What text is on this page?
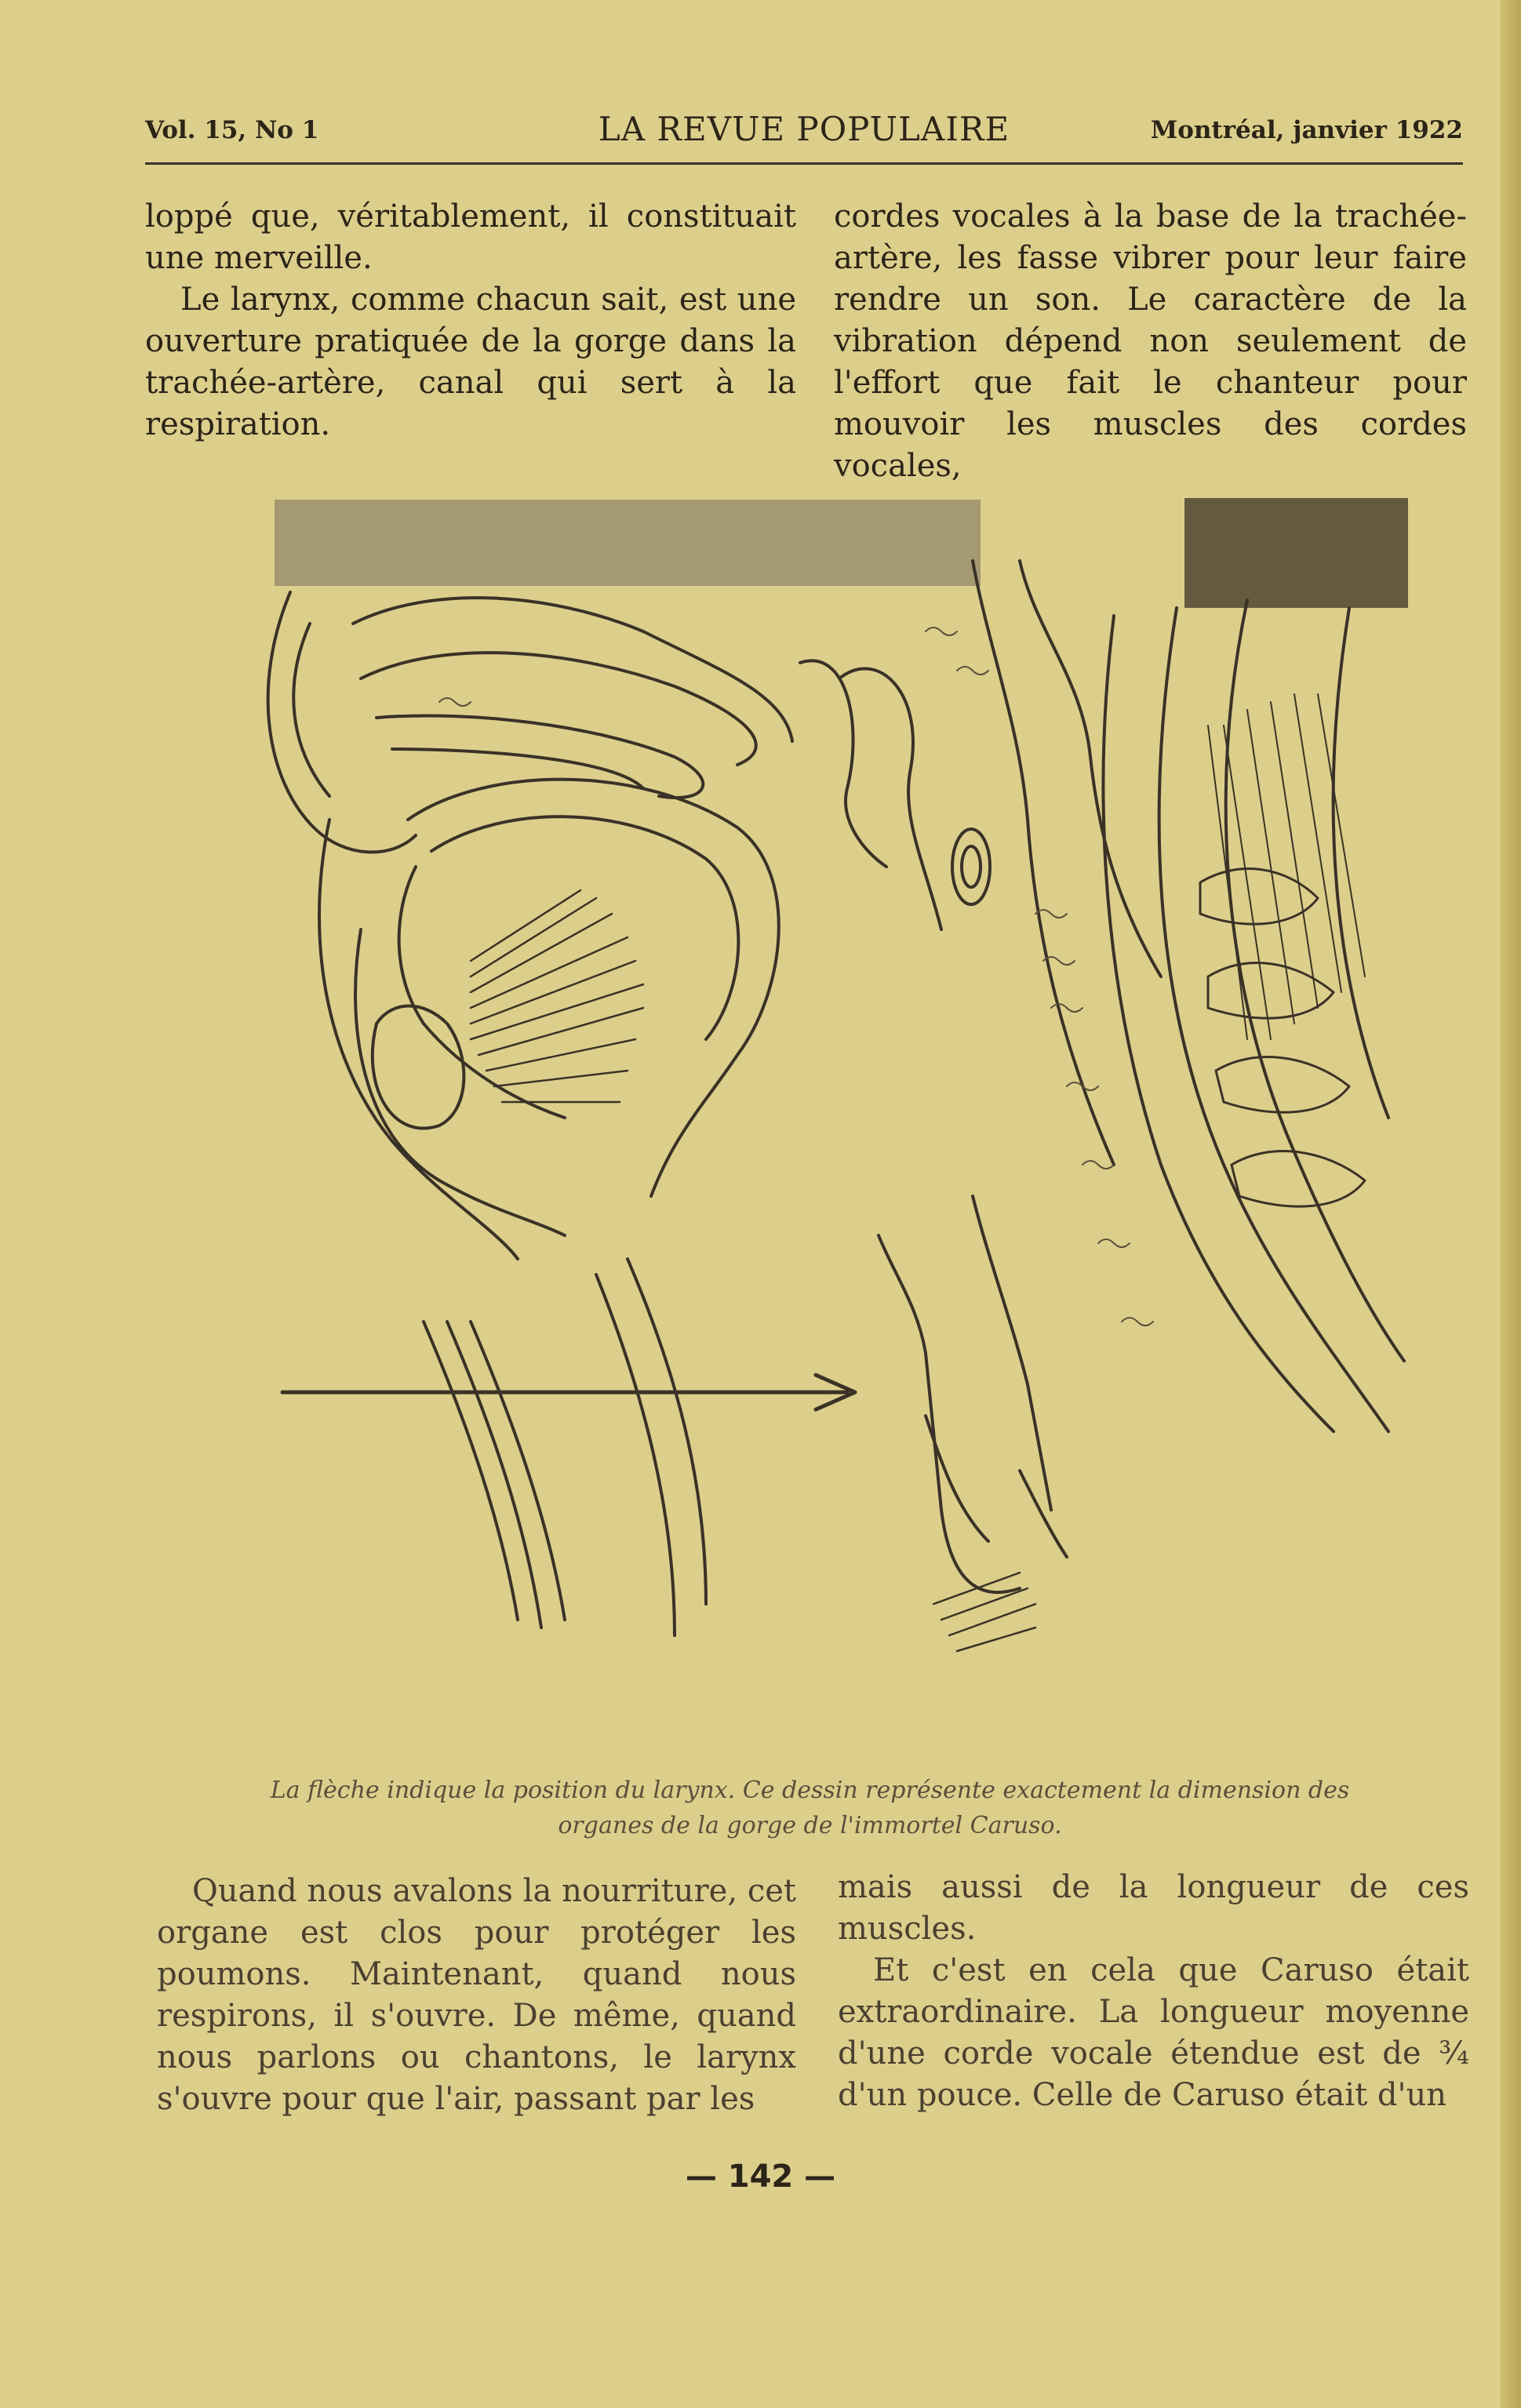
Vol. 15, No 1	LA REVUE POPULAIRE	Montréal, janvier 1922

loppé que, véritablement, il constituait une merveille.

Le larynx, comme chacun sait, est une ouverture pratiquée de la gorge dans la trachée-artère, canal qui sert à la respiration.

cordes vocales à la base de la trachée-artère, les fasse vibrer pour leur faire rendre un son. Le caractère de la vibration dépend non seulement de l'effort que fait le chanteur pour mouvoir les muscles des cordes vocales,

La flèche indique la position du larynx. Ce dessin représente exactement la dimension des
organes de la gorge de l'immortel Caruso.

Quand nous avalons la nourriture, cet organe est clos pour protéger les poumons. Maintenant, quand nous respirons, il s'ouvre. De même, quand nous parlons ou chantons, le larynx s'ouvre pour que l'air, passant par les

mais aussi de la longueur de ces muscles.

Et c'est en cela que Caruso était extraordinaire. La longueur moyenne d'une corde vocale étendue est de ¾ d'un pouce. Celle de Caruso était d'un

— 142 —
